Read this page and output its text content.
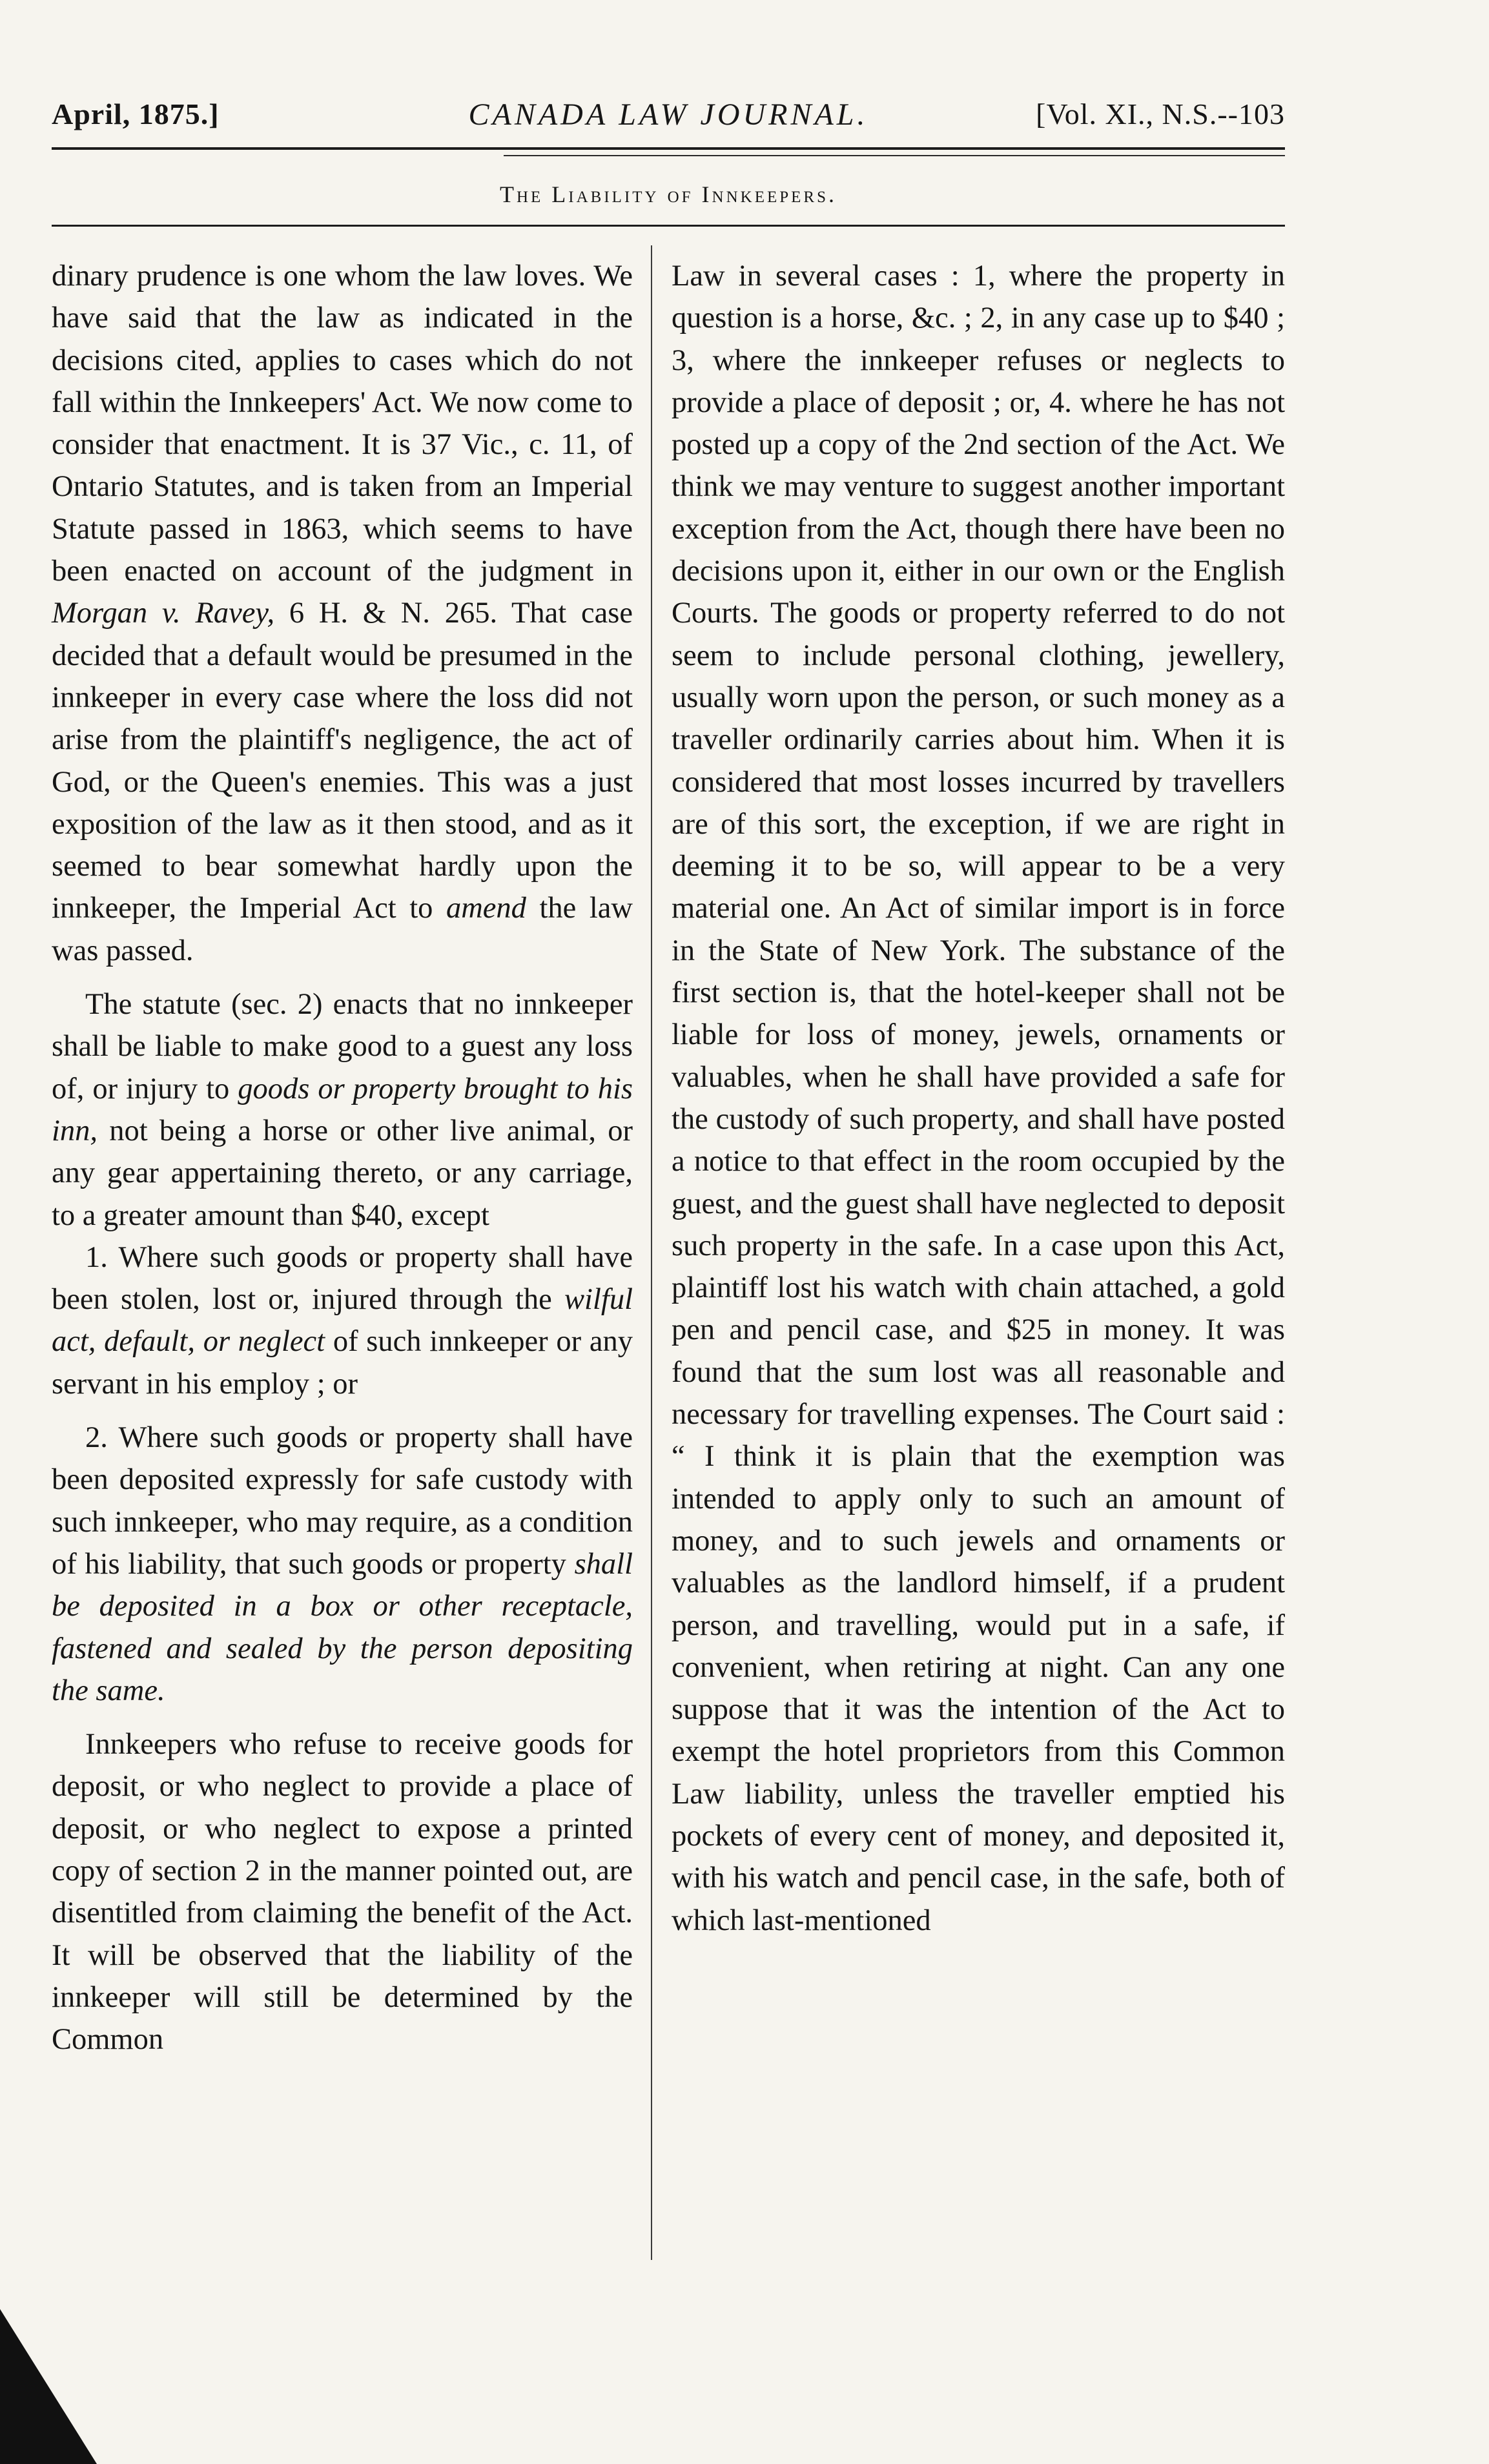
April, 1875.]	CANADA LAW JOURNAL.	[Vol. XI., N.S.--103
The Liability of Innkeepers.

dinary prudence is one whom the law loves. We have said that the law as indicated in the decisions cited, applies to cases which do not fall within the Innkeepers' Act. We now come to consider that enactment. It is 37 Vic., c. 11, of Ontario Statutes, and is taken from an Imperial Statute passed in 1863, which seems to have been enacted on account of the judgment in Morgan v. Ravey, 6 H. & N. 265. That case decided that a default would be presumed in the innkeeper in every case where the loss did not arise from the plaintiff's negligence, the act of God, or the Queen's enemies. This was a just exposition of the law as it then stood, and as it seemed to bear somewhat hardly upon the innkeeper, the Imperial Act to amend the law was passed.

The statute (sec. 2) enacts that no innkeeper shall be liable to make good to a guest any loss of, or injury to goods or property brought to his inn, not being a horse or other live animal, or any gear appertaining thereto, or any carriage, to a greater amount than $40, except

1. Where such goods or property shall have been stolen, lost or, injured through the wilful act, default, or neglect of such innkeeper or any servant in his employ ; or

2. Where such goods or property shall have been deposited expressly for safe custody with such innkeeper, who may require, as a condition of his liability, that such goods or property shall be deposited in a box or other receptacle, fastened and sealed by the person depositing the same.

Innkeepers who refuse to receive goods for deposit, or who neglect to provide a place of deposit, or who neglect to expose a printed copy of section 2 in the manner pointed out, are disentitled from claiming the benefit of the Act. It will be observed that the liability of the innkeeper will still be determined by the Common

Law in several cases : 1, where the property in question is a horse, &c. ; 2, in any case up to $40 ; 3, where the innkeeper refuses or neglects to provide a place of deposit ; or, 4. where he has not posted up a copy of the 2nd section of the Act. We think we may venture to suggest another important exception from the Act, though there have been no decisions upon it, either in our own or the English Courts. The goods or property referred to do not seem to include personal clothing, jewellery, usually worn upon the person, or such money as a traveller ordinarily carries about him. When it is considered that most losses incurred by travellers are of this sort, the exception, if we are right in deeming it to be so, will appear to be a very material one. An Act of similar import is in force in the State of New York. The substance of the first section is, that the hotel-keeper shall not be liable for loss of money, jewels, ornaments or valuables, when he shall have provided a safe for the custody of such property, and shall have posted a notice to that effect in the room occupied by the guest, and the guest shall have neglected to deposit such property in the safe. In a case upon this Act, plaintiff lost his watch with chain attached, a gold pen and pencil case, and $25 in money. It was found that the sum lost was all reasonable and necessary for travelling expenses. The Court said : “ I think it is plain that the exemption was intended to apply only to such an amount of money, and to such jewels and ornaments or valuables as the landlord himself, if a prudent person, and travelling, would put in a safe, if convenient, when retiring at night. Can any one suppose that it was the intention of the Act to exempt the hotel proprietors from this Common Law liability, unless the traveller emptied his pockets of every cent of money, and deposited it, with his watch and pencil case, in the safe, both of which last-mentioned
